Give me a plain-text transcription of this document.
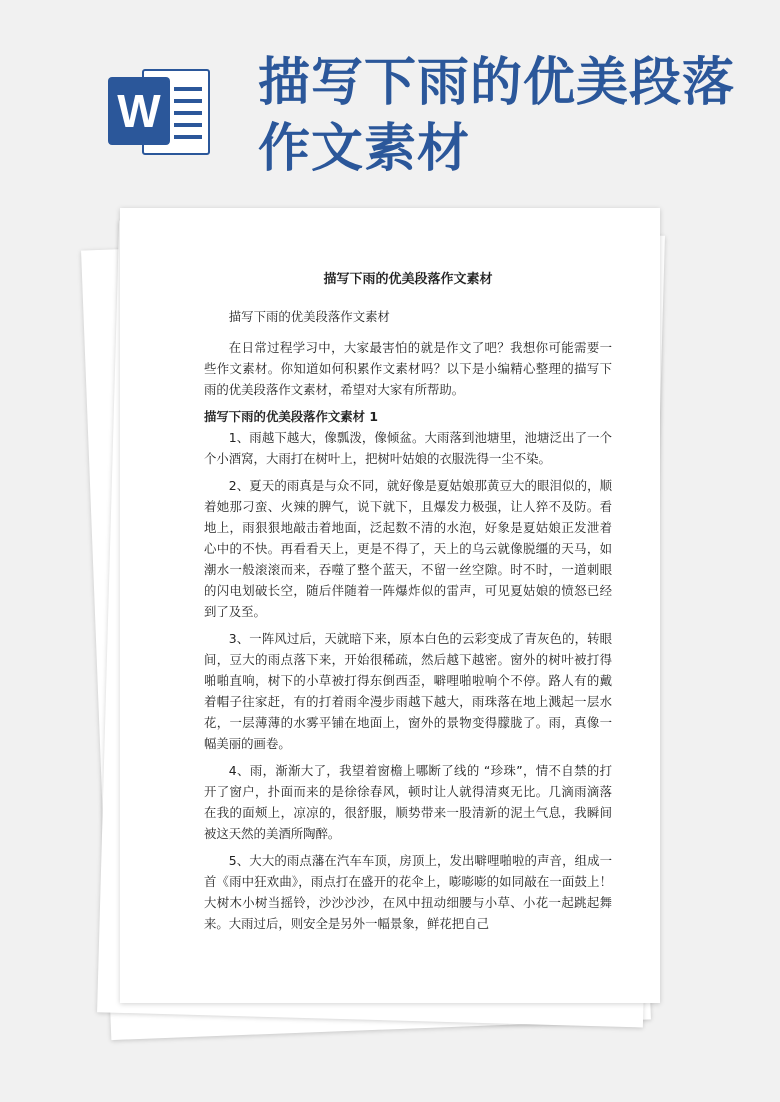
W 描写下雨的优美段落作文素材
描写下雨的优美段落作文素材

描写下雨的优美段落作文素材

在日常过程学习中，大家最害怕的就是作文了吧？我想你可能需要一些作文素材。你知道如何积累作文素材吗？以下是小编精心整理的描写下雨的优美段落作文素材，希望对大家有所帮助。

描写下雨的优美段落作文素材 1

1、雨越下越大，像瓢泼，像倾盆。大雨落到池塘里，池塘泛出了一个个小酒窝，大雨打在树叶上，把树叶姑娘的衣服洗得一尘不染。

2、夏天的雨真是与众不同，就好像是夏姑娘那黄豆大的眼泪似的，顺着她那刁蛮、火辣的脾气，说下就下，且爆发力极强，让人猝不及防。看地上，雨狠狠地敲击着地面，泛起数不清的水泡，好象是夏姑娘正发泄着心中的不快。再看看天上，更是不得了，天上的乌云就像脱缰的天马，如潮水一般滚滚而来，吞噬了整个蓝天，不留一丝空隙。时不时，一道刺眼的闪电划破长空，随后伴随着一阵爆炸似的雷声，可见夏姑娘的愤怒已经到了及至。

3、一阵风过后，天就暗下来，原本白色的云彩变成了青灰色的，转眼间，豆大的雨点落下来，开始很稀疏，然后越下越密。窗外的树叶被打得啪啪直响，树下的小草被打得东倒西歪，噼哩啪啦响个不停。路人有的戴着帽子往家赶，有的打着雨伞漫步雨越下越大，雨珠落在地上溅起一层水花，一层薄薄的水雾平铺在地面上，窗外的景物变得朦胧了。雨，真像一幅美丽的画卷。

4、雨，渐渐大了，我望着窗檐上哪断了线的 “珍珠”，情不自禁的打开了窗户，扑面而来的是徐徐春风，顿时让人就得清爽无比。几滴雨滴落在我的面颊上，凉凉的，很舒服，顺势带来一股清新的泥土气息，我瞬间被这天然的美酒所陶醉。

5、大大的雨点藩在汽车车顶，房顶上，发出噼哩啪啦的声音，组成一首《雨中狂欢曲》，雨点打在盛开的花伞上，嘭嘭嘭的如同敲在一面鼓上！大树木小树当摇铃，沙沙沙沙，在风中扭动细腰与小草、小花一起跳起舞来。大雨过后，则安全是另外一幅景象，鲜花把自己
